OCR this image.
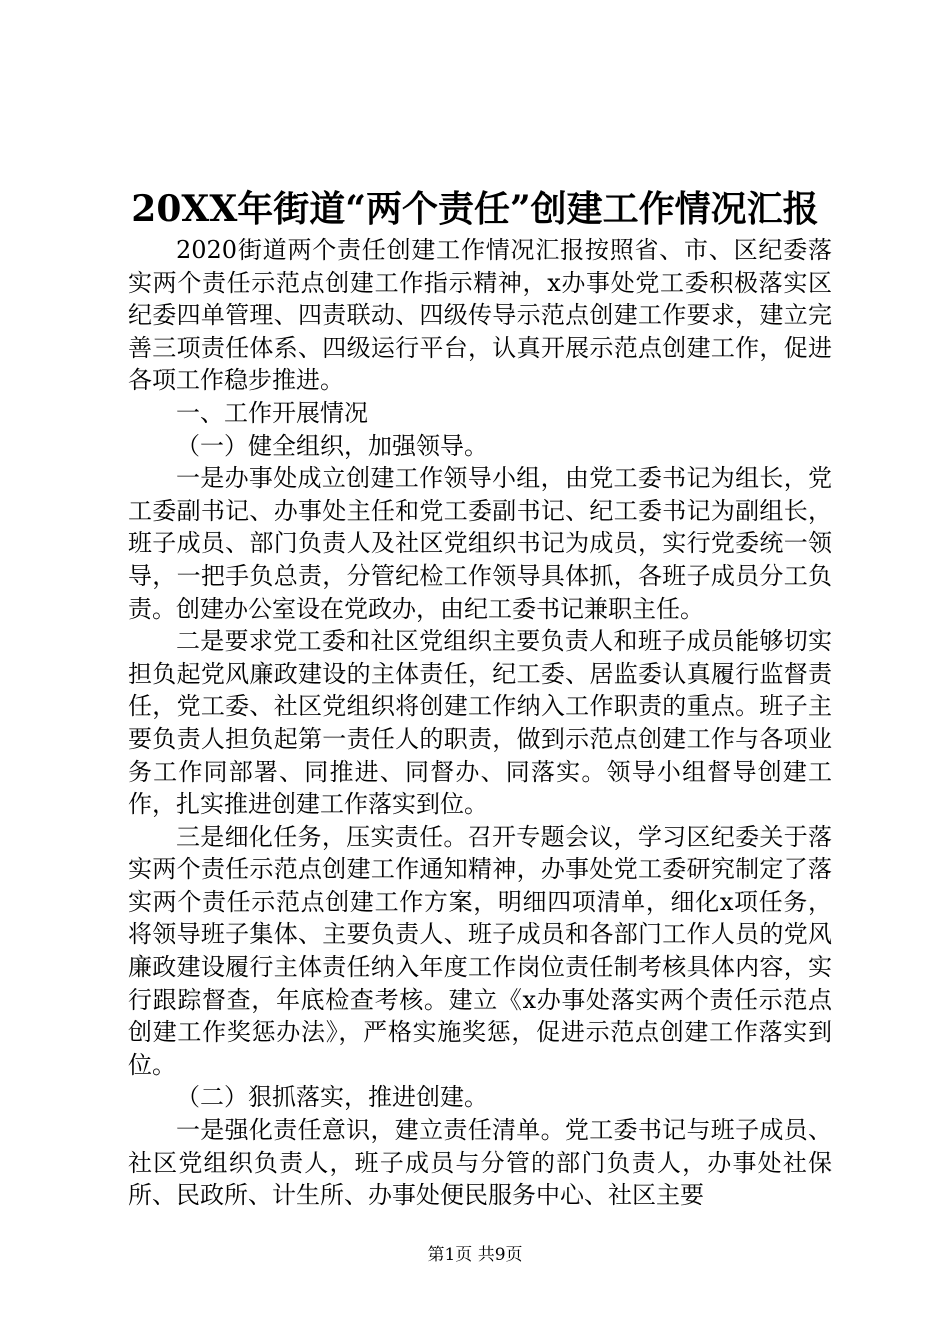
20XX年街道“两个责任”创建工作情况汇报

2020街道两个责任创建工作情况汇报按照省、市、区纪委落实两个责任示范点创建工作指示精神，x办事处党工委积极落实区纪委四单管理、四责联动、四级传导示范点创建工作要求，建立完善三项责任体系、四级运行平台，认真开展示范点创建工作，促进各项工作稳步推进。

一、工作开展情况

（一）健全组织，加强领导。

一是办事处成立创建工作领导小组，由党工委书记为组长，党工委副书记、办事处主任和党工委副书记、纪工委书记为副组长，班子成员、部门负责人及社区党组织书记为成员，实行党委统一领导，一把手负总责，分管纪检工作领导具体抓，各班子成员分工负责。创建办公室设在党政办，由纪工委书记兼职主任。

二是要求党工委和社区党组织主要负责人和班子成员能够切实担负起党风廉政建设的主体责任，纪工委、居监委认真履行监督责任，党工委、社区党组织将创建工作纳入工作职责的重点。班子主要负责人担负起第一责任人的职责，做到示范点创建工作与各项业务工作同部署、同推进、同督办、同落实。领导小组督导创建工作，扎实推进创建工作落实到位。

三是细化任务，压实责任。召开专题会议，学习区纪委关于落实两个责任示范点创建工作通知精神，办事处党工委研究制定了落实两个责任示范点创建工作方案，明细四项清单，细化x项任务，将领导班子集体、主要负责人、班子成员和各部门工作人员的党风廉政建设履行主体责任纳入年度工作岗位责任制考核具体内容，实行跟踪督查，年底检查考核。建立《x办事处落实两个责任示范点创建工作奖惩办法》，严格实施奖惩，促进示范点创建工作落实到位。

（二）狠抓落实，推进创建。

一是强化责任意识，建立责任清单。党工委书记与班子成员、社区党组织负责人，班子成员与分管的部门负责人，办事处社保所、民政所、计生所、办事处便民服务中心、社区主要

第1页 共9页
